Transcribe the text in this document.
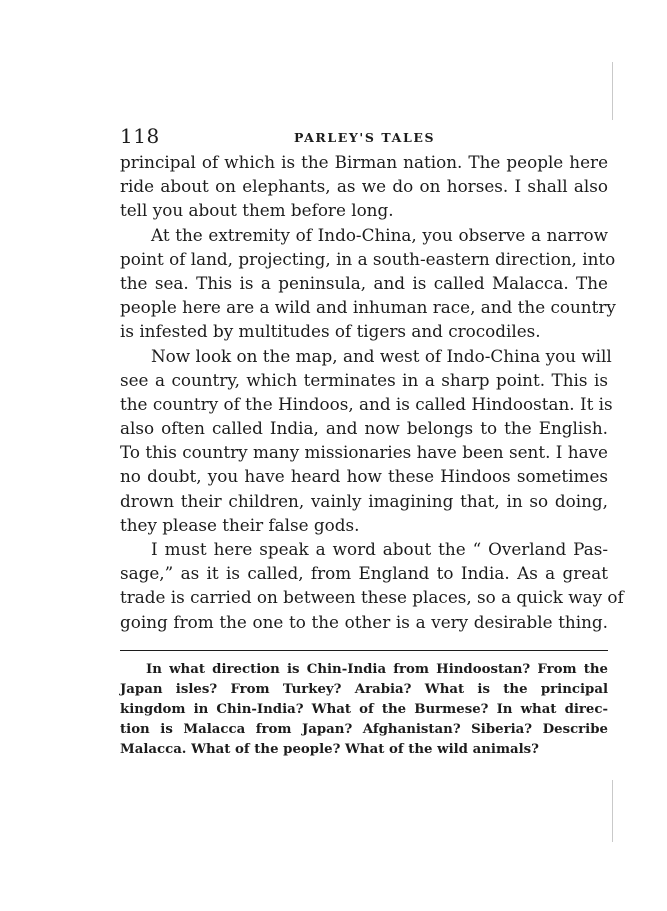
118	PARLEY'S TALES
principal of which is the Birman nation. The people here
ride about on elephants, as we do on horses. I shall also
tell you about them before long.
At the extremity of Indo-China, you observe a narrow
point of land, projecting, in a south-eastern direction, into
the sea. This is a peninsula, and is called Malacca. The
people here are a wild and inhuman race, and the country
is infested by multitudes of tigers and crocodiles.
Now look on the map, and west of Indo-China you will
see a country, which terminates in a sharp point. This is
the country of the Hindoos, and is called Hindoostan. It is
also often called India, and now belongs to the English.
To this country many missionaries have been sent. I have
no doubt, you have heard how these Hindoos sometimes
drown their children, vainly imagining that, in so doing,
they please their false gods.
I must here speak a word about the “ Overland Pas-
sage,” as it is called, from England to India. As a great
trade is carried on between these places, so a quick way of
going from the one to the other is a very desirable thing.
In what direction is Chin-India from Hindoostan? From the
Japan isles? From Turkey? Arabia? What is the principal
kingdom in Chin-India? What of the Burmese? In what direc-
tion is Malacca from Japan? Afghanistan? Siberia? Describe
Malacca. What of the people? What of the wild animals?
